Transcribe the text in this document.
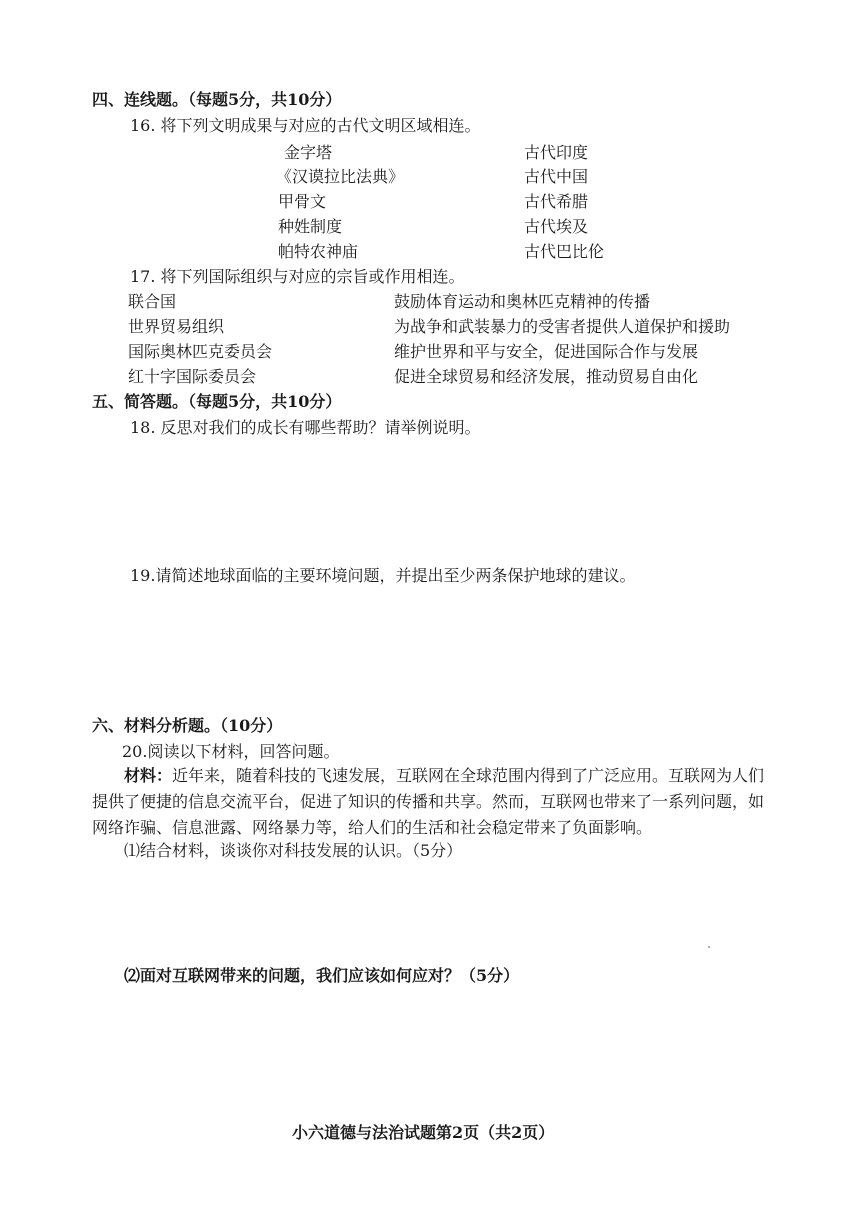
四、连线题。（每题5分，共10分）
16. 将下列文明成果与对应的古代文明区域相连。
金字塔
《汉谟拉比法典》
甲骨文
种姓制度
帕特农神庙
古代印度
古代中国
古代希腊
古代埃及
古代巴比伦
17. 将下列国际组织与对应的宗旨或作用相连。
联合国
世界贸易组织
国际奥林匹克委员会
红十字国际委员会
鼓励体育运动和奥林匹克精神的传播
为战争和武装暴力的受害者提供人道保护和援助
维护世界和平与安全，促进国际合作与发展
促进全球贸易和经济发展，推动贸易自由化
五、简答题。（每题5分，共10分）
18. 反思对我们的成长有哪些帮助？请举例说明。
19.请简述地球面临的主要环境问题，并提出至少两条保护地球的建议。
六、材料分析题。（10分）
20.阅读以下材料，回答问题。
材料：近年来，随着科技的飞速发展，互联网在全球范围内得到了广泛应用。互联网为人们提供了便捷的信息交流平台，促进了知识的传播和共享。然而，互联网也带来了一系列问题，如网络诈骗、信息泄露、网络暴力等，给人们的生活和社会稳定带来了负面影响。
⑴结合材料，谈谈你对科技发展的认识。（5分）
⑵面对互联网带来的问题，我们应该如何应对？（5分）
小六道德与法治试题第2页（共2页）
